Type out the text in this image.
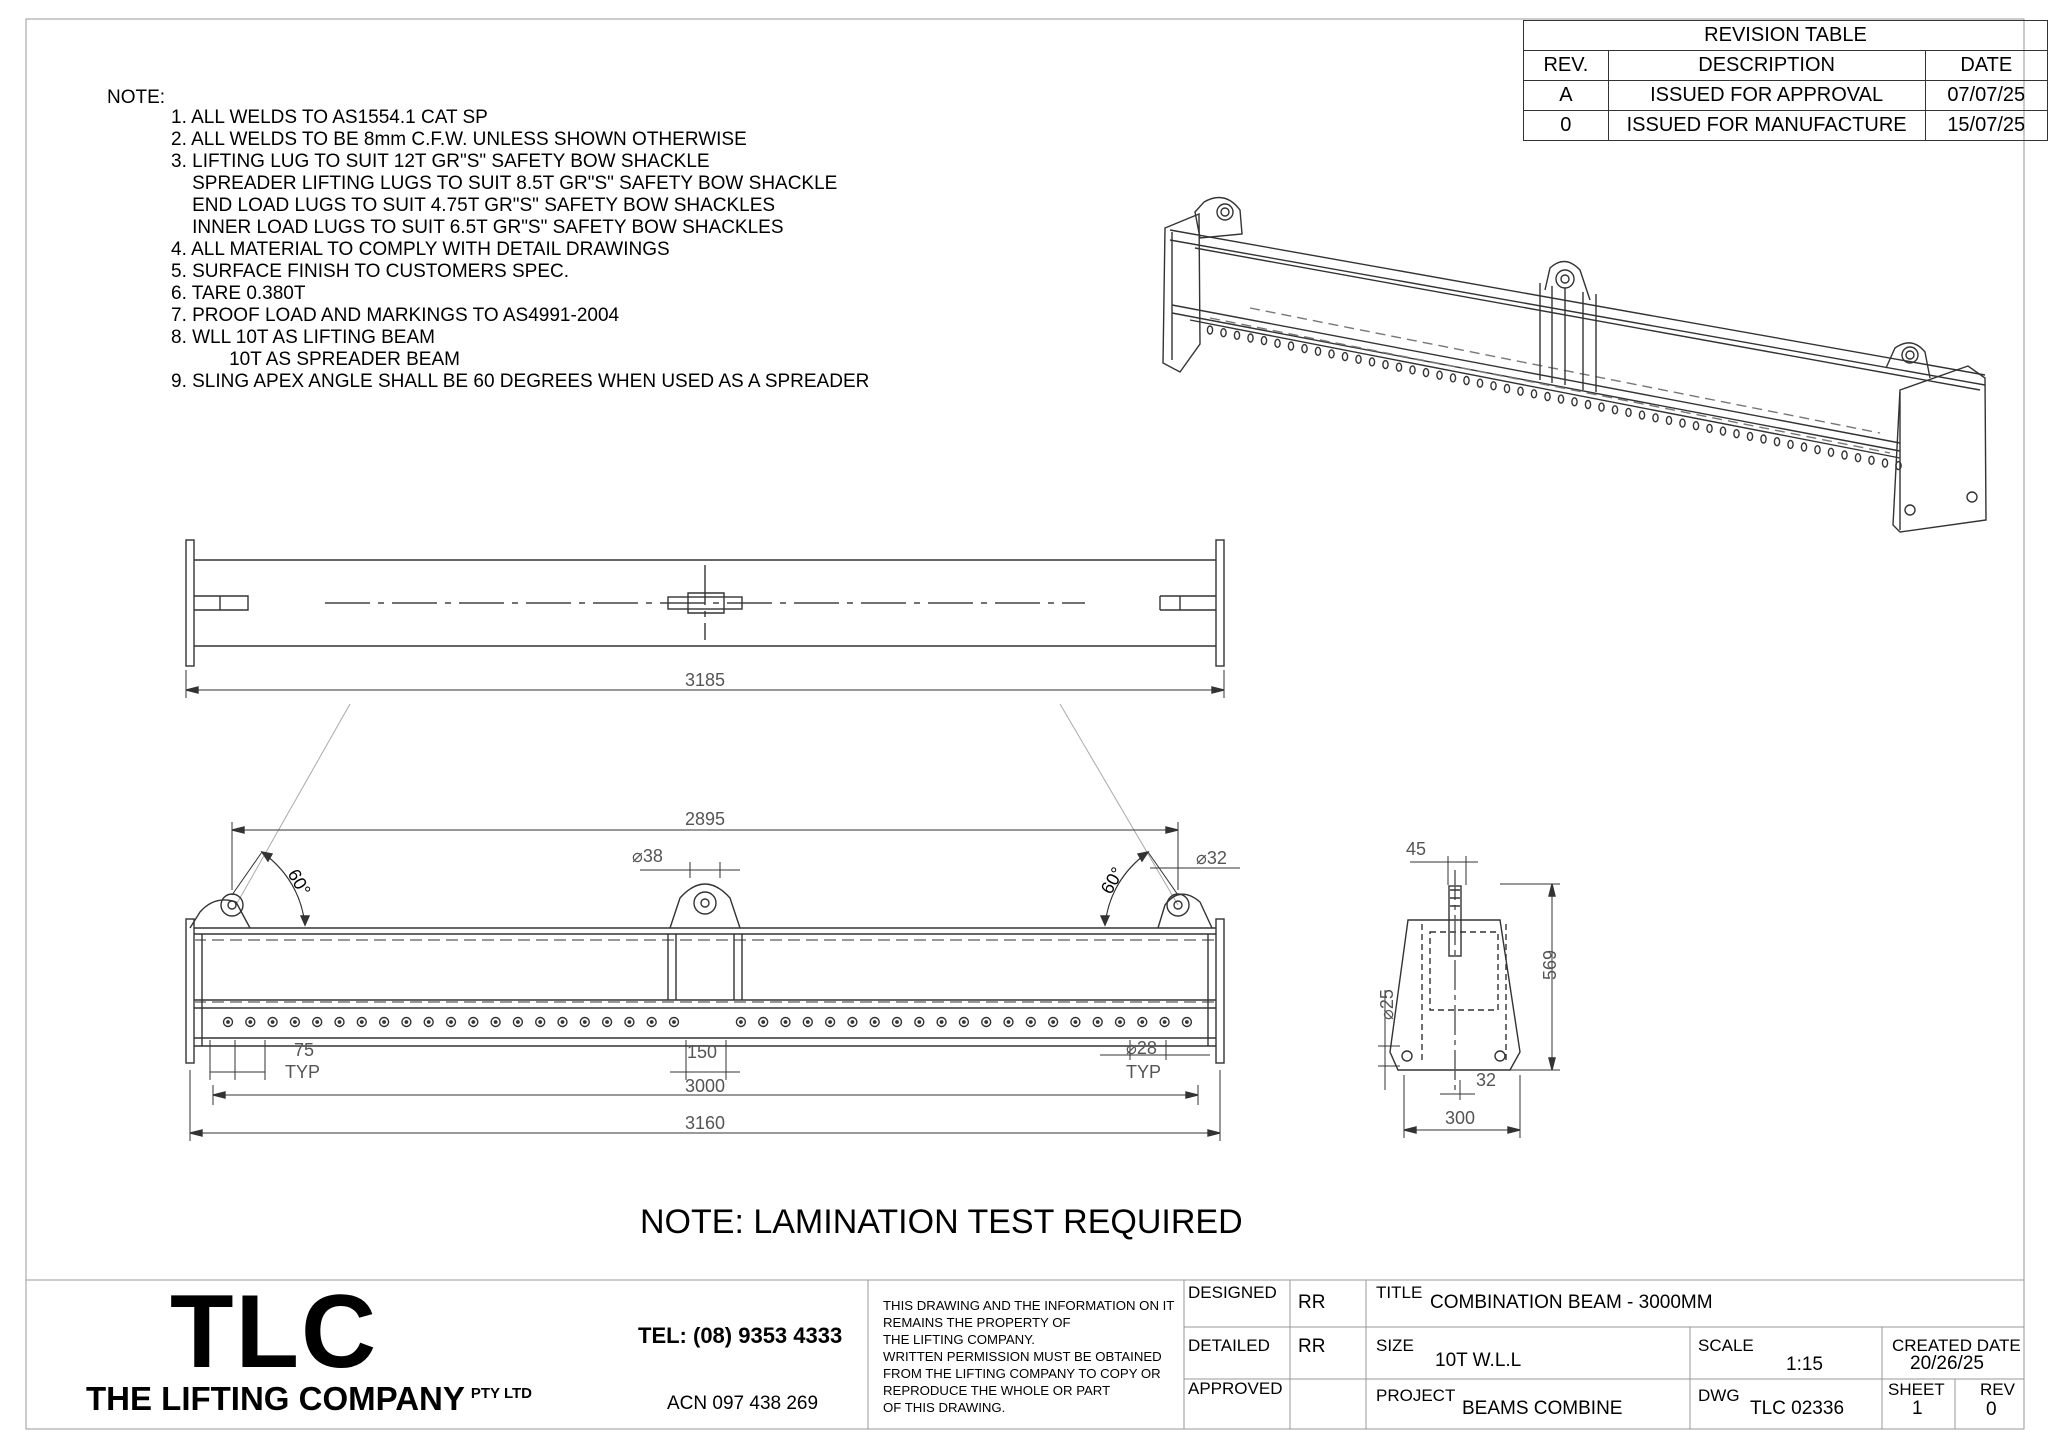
3185
2895
⌀38	⌀32
60°	60°
75
TYP
150	⌀28
TYP
3000
3160
45
569
⌀25
32
300
NOTE:
1. ALL WELDS TO AS1554.1 CAT SP
2. ALL WELDS TO BE 8mm C.F.W. UNLESS SHOWN OTHERWISE
3. LIFTING LUG TO SUIT 12T GR"S" SAFETY BOW SHACKLE
SPREADER LIFTING LUGS TO SUIT 8.5T GR"S" SAFETY BOW SHACKLE
END LOAD LUGS TO SUIT 4.75T GR"S" SAFETY BOW SHACKLES
INNER LOAD LUGS TO SUIT 6.5T GR"S" SAFETY BOW SHACKLES
4. ALL MATERIAL TO COMPLY WITH DETAIL DRAWINGS
5. SURFACE FINISH TO CUSTOMERS SPEC.
6. TARE 0.380T
7. PROOF LOAD AND MARKINGS TO AS4991-2004
8. WLL 10T AS LIFTING BEAM
10T AS SPREADER BEAM
9. SLING APEX ANGLE SHALL BE 60 DEGREES WHEN USED AS A SPREADER
REVISION TABLE		
REV.	DESCRIPTION	DATE
A	ISSUED FOR APPROVAL	07/07/25
0	ISSUED FOR MANUFACTURE	15/07/25
NOTE: LAMINATION TEST REQUIRED
TLC
THE LIFTING COMPANY $^{PTY LTD}$
TEL: (08) 9353 4333
ACN 097 438 269
THIS DRAWING AND THE INFORMATION ON IT
REMAINS THE PROPERTY OF
THE LIFTING COMPANY.
WRITTEN PERMISSION MUST BE OBTAINED
FROM THE LIFTING COMPANY TO COPY OR
REPRODUCE THE WHOLE OR PART
OF THIS DRAWING.
DESIGNED RR
DETAILED RR
APPROVED
TITLE COMBINATION BEAM - 3000MM
SIZE
10T W.L.L
PROJECT
BEAMS COMBINE
SCALE
1:15
DWG
TLC 02336
CREATED DATE
20/26/25
SHEET
1
REV
0
